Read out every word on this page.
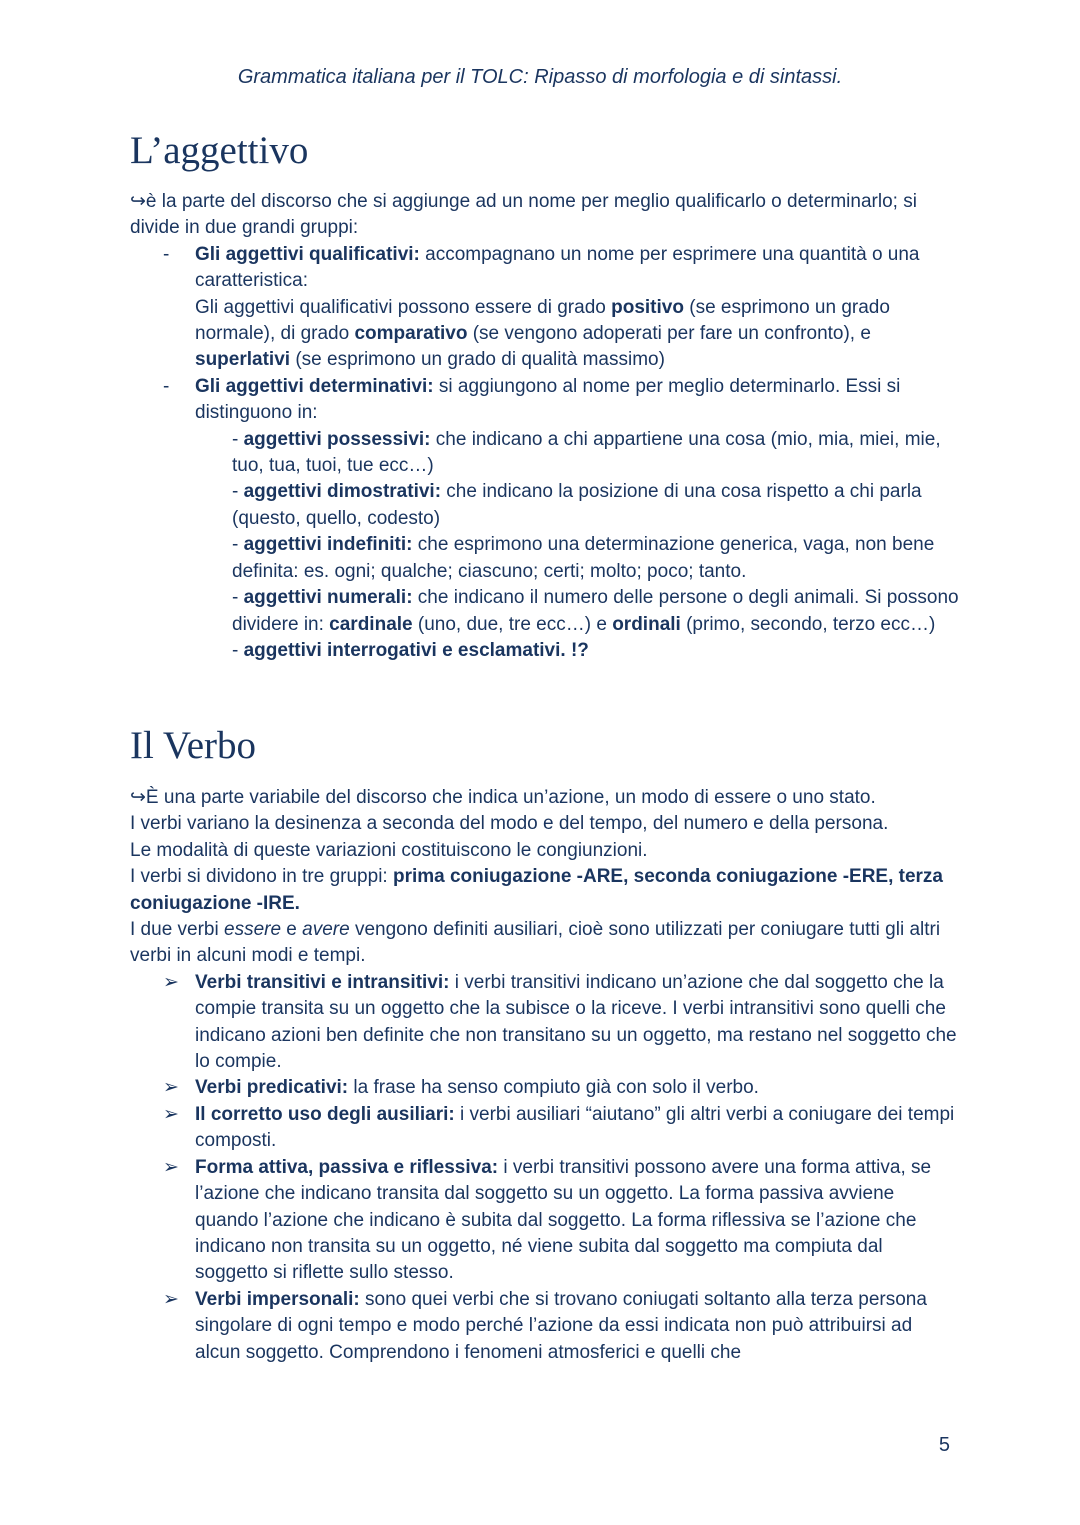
Grammatica italiana per il TOLC: Ripasso di morfologia e di sintassi.
L’aggettivo

↪è la parte del discorso che si aggiunge ad un nome per meglio qualificarlo o determinarlo; si divide in due grandi gruppi:

- Gli aggettivi qualificativi: accompagnano un nome per esprimere una quantità o una caratteristica:

Gli aggettivi qualificativi possono essere di grado positivo (se esprimono un grado normale), di grado comparativo (se vengono adoperati per fare un confronto), e superlativi (se esprimono un grado di qualità massimo)

- Gli aggettivi determinativi: si aggiungono al nome per meglio determinarlo. Essi si distinguono in:

- aggettivi possessivi: che indicano a chi appartiene una cosa (mio, mia, miei, mie, tuo, tua, tuoi, tue ecc…)

- aggettivi dimostrativi: che indicano la posizione di una cosa rispetto a chi parla (questo, quello, codesto)

- aggettivi indefiniti: che esprimono una determinazione generica, vaga, non bene definita: es. ogni; qualche; ciascuno; certi; molto; poco; tanto.

- aggettivi numerali: che indicano il numero delle persone o degli animali. Si possono dividere in: cardinale (uno, due, tre ecc…) e ordinali (primo, secondo, terzo ecc…)

- aggettivi interrogativi e esclamativi. !?

Il Verbo

↪È una parte variabile del discorso che indica un’azione, un modo di essere o uno stato.

I verbi variano la desinenza a seconda del modo e del tempo, del numero e della persona.

Le modalità di queste variazioni costituiscono le congiunzioni.

I verbi si dividono in tre gruppi: prima coniugazione -ARE, seconda coniugazione -ERE, terza coniugazione -IRE.

I due verbi essere e avere vengono definiti ausiliari, cioè sono utilizzati per coniugare tutti gli altri verbi in alcuni modi e tempi.

➢ Verbi transitivi e intransitivi: i verbi transitivi indicano un’azione che dal soggetto che la compie transita su un oggetto che la subisce o la riceve. I verbi intransitivi sono quelli che indicano azioni ben definite che non transitano su un oggetto, ma restano nel soggetto che lo compie.
➢ Verbi predicativi: la frase ha senso compiuto già con solo il verbo.
➢ Il corretto uso degli ausiliari: i verbi ausiliari “aiutano” gli altri verbi a coniugare dei tempi composti.
➢ Forma attiva, passiva e riflessiva: i verbi transitivi possono avere una forma attiva, se l’azione che indicano transita dal soggetto su un oggetto. La forma passiva avviene quando l’azione che indicano è subita dal soggetto. La forma riflessiva se l’azione che indicano non transita su un oggetto, né viene subita dal soggetto ma compiuta dal soggetto si riflette sullo stesso.
➢ Verbi impersonali: sono quei verbi che si trovano coniugati soltanto alla terza persona singolare di ogni tempo e modo perché l’azione da essi indicata non può attribuirsi ad alcun soggetto. Comprendono i fenomeni atmosferici e quelli che
5
